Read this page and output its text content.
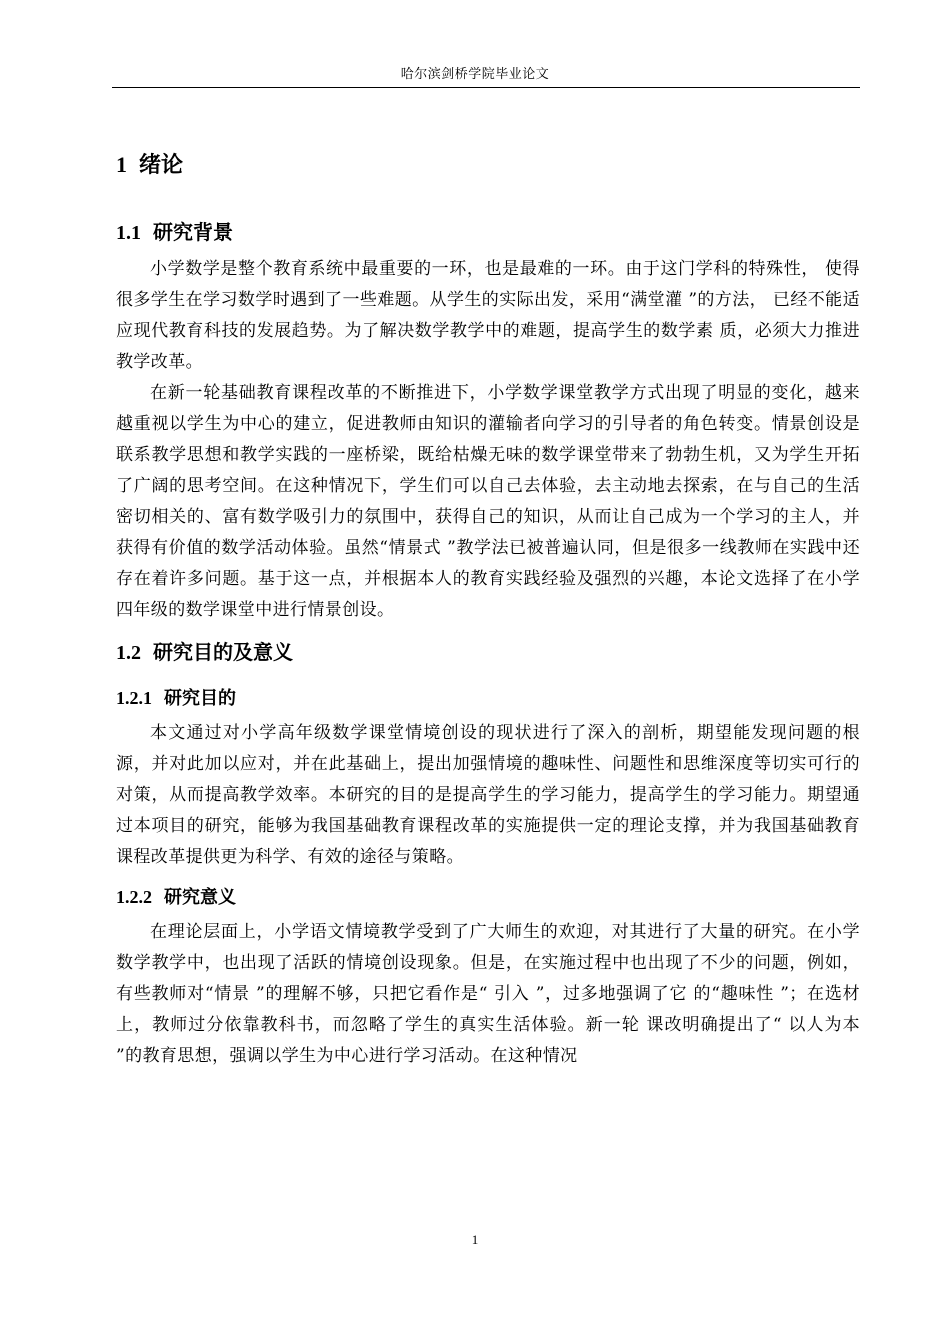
哈尔滨剑桥学院毕业论文
1 绪论
1.1 研究背景

小学数学是整个教育系统中最重要的一环，也是最难的一环。由于这门学科的特殊性， 使得很多学生在学习数学时遇到了一些难题。从学生的实际出发，采用“满堂灌 ”的方法， 已经不能适应现代教育科技的发展趋势。为了解决数学教学中的难题，提高学生的数学素 质，必须大力推进教学改革。

在新一轮基础教育课程改革的不断推进下，小学数学课堂教学方式出现了明显的变化，越来越重视以学生为中心的建立，促进教师由知识的灌输者向学习的引导者的角色转变。情景创设是联系教学思想和教学实践的一座桥梁，既给枯燥无味的数学课堂带来了勃勃生机，又为学生开拓了广阔的思考空间。在这种情况下，学生们可以自己去体验，去主动地去探索，在与自己的生活密切相关的、富有数学吸引力的氛围中，获得自己的知识，从而让自己成为一个学习的主人，并获得有价值的数学活动体验。虽然“情景式 ”教学法已被普遍认同，但是很多一线教师在实践中还存在着许多问题。基于这一点，并根据本人的教育实践经验及强烈的兴趣，本论文选择了在小学四年级的数学课堂中进行情景创设。

1.2 研究目的及意义
1.2.1 研究目的

本文通过对小学高年级数学课堂情境创设的现状进行了深入的剖析，期望能发现问题的根源，并对此加以应对，并在此基础上，提出加强情境的趣味性、问题性和思维深度等切实可行的对策，从而提高教学效率。本研究的目的是提高学生的学习能力，提高学生的学习能力。期望通过本项目的研究，能够为我国基础教育课程改革的实施提供一定的理论支撑，并为我国基础教育课程改革提供更为科学、有效的途径与策略。

1.2.2 研究意义

在理论层面上，小学语文情境教学受到了广大师生的欢迎，对其进行了大量的研究。在小学数学教学中，也出现了活跃的情境创设现象。但是，在实施过程中也出现了不少的问题，例如，有些教师对“情景 ”的理解不够，只把它看作是“ 引入 ”，过多地强调了它 的“趣味性 ”；在选材上，教师过分依靠教科书，而忽略了学生的真实生活体验。新一轮 课改明确提出了“ 以人为本 ”的教育思想，强调以学生为中心进行学习活动。在这种情况

1
